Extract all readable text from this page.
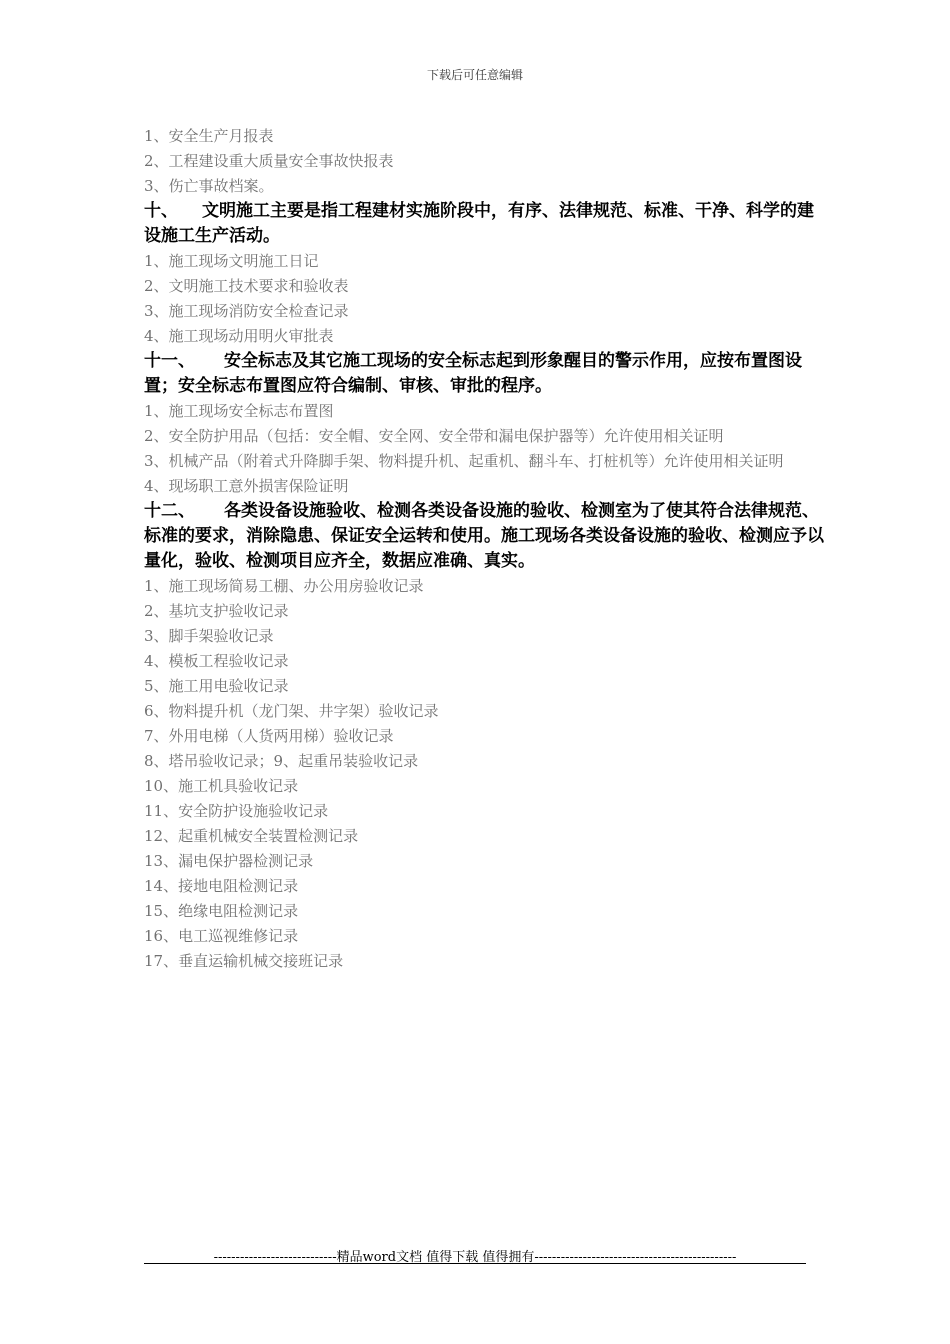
下载后可任意编辑
1、安全生产月报表
2、工程建设重大质量安全事故快报表
3、伤亡事故档案。
十、 文明施工主要是指工程建材实施阶段中，有序、法律规范、标准、干净、科学的建设施工生产活动。
1、施工现场文明施工日记
2、文明施工技术要求和验收表
3、施工现场消防安全检查记录
4、施工现场动用明火审批表
十一、 安全标志及其它施工现场的安全标志起到形象醒目的警示作用，应按布置图设置；安全标志布置图应符合编制、审核、审批的程序。
1、施工现场安全标志布置图
2、安全防护用品（包括：安全帽、安全网、安全带和漏电保护器等）允许使用相关证明
3、机械产品（附着式升降脚手架、物料提升机、起重机、翻斗车、打桩机等）允许使用相关证明
4、现场职工意外损害保险证明
十二、 各类设备设施验收、检测各类设备设施的验收、检测室为了使其符合法律规范、标准的要求，消除隐患、保证安全运转和使用。施工现场各类设备设施的验收、检测应予以量化，验收、检测项目应齐全，数据应准确、真实。
1、施工现场简易工棚、办公用房验收记录
2、基坑支护验收记录
3、脚手架验收记录
4、模板工程验收记录
5、施工用电验收记录
6、物料提升机（龙门架、井字架）验收记录
7、外用电梯（人货两用梯）验收记录
8、塔吊验收记录；9、起重吊装验收记录
10、施工机具验收记录
11、安全防护设施验收记录
12、起重机械安全装置检测记录
13、漏电保护器检测记录
14、接地电阻检测记录
15、绝缘电阻检测记录
16、电工巡视维修记录
17、垂直运输机械交接班记录
----------------------------精品word文档 值得下载 值得拥有----------------------------------------------
